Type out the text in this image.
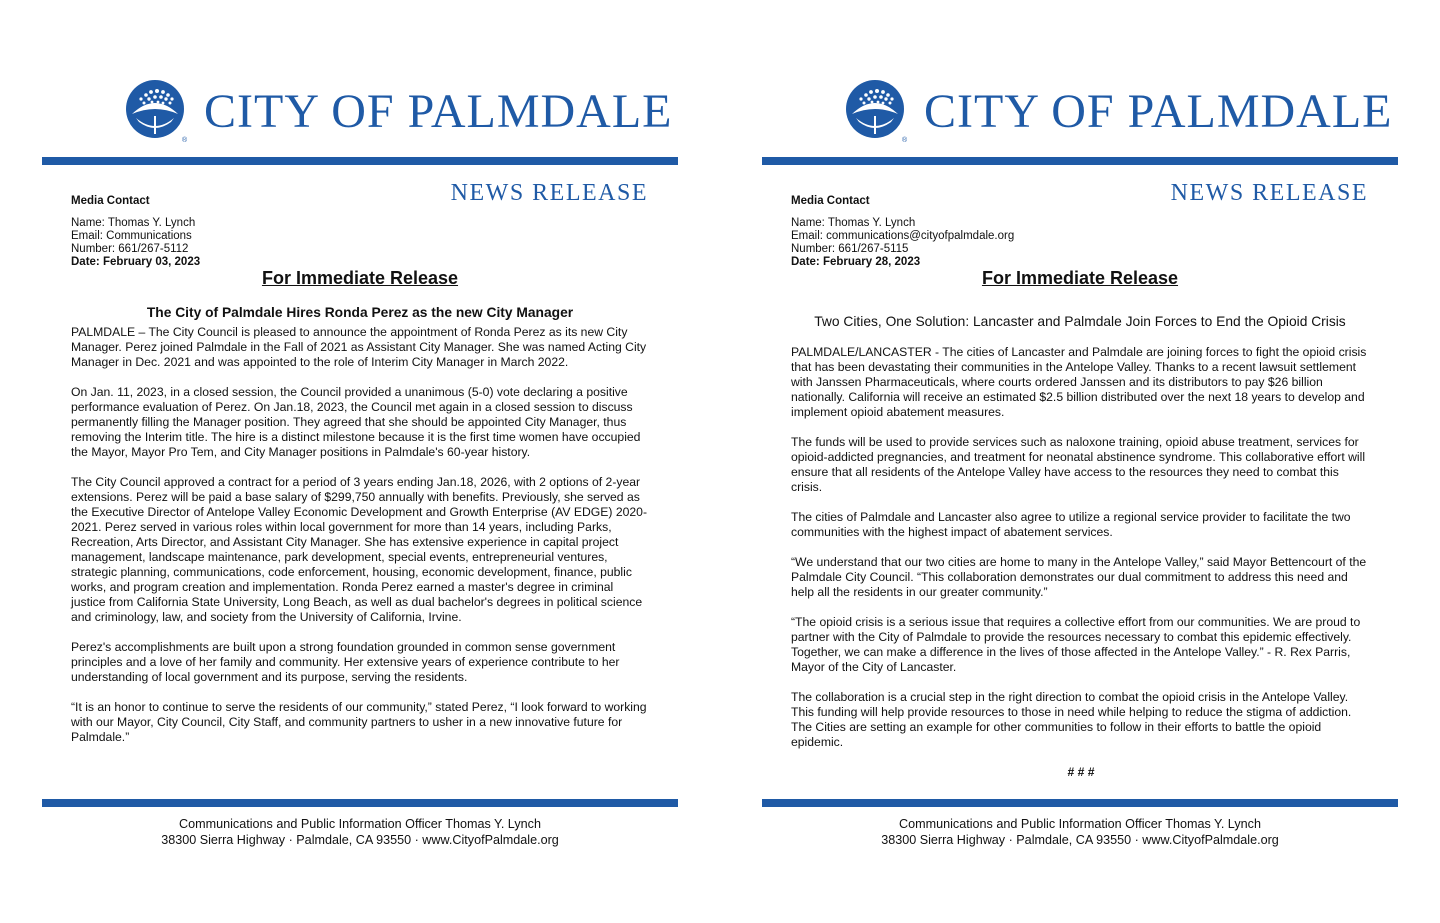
®
CITY OF PALMDALE
NEWS RELEASE
Media Contact
Name: Thomas Y. Lynch
Email: Communications
Number: 661/267-5112
Date: February 03, 2023
For Immediate Release
The City of Palmdale Hires Ronda Perez as the new City Manager

PALMDALE – The City Council is pleased to announce the appointment of Ronda Perez as its new City Manager. Perez joined Palmdale in the Fall of 2021 as Assistant City Manager. She was named Acting City Manager in Dec. 2021 and was appointed to the role of Interim City Manager in March 2022.

On Jan. 11, 2023, in a closed session, the Council provided a unanimous (5-0) vote declaring a positive performance evaluation of Perez. On Jan.18, 2023, the Council met again in a closed session to discuss permanently filling the Manager position. They agreed that she should be appointed City Manager, thus removing the Interim title. The hire is a distinct milestone because it is the first time women have occupied the Mayor, Mayor Pro Tem, and City Manager positions in Palmdale's 60-year history.

The City Council approved a contract for a period of 3 years ending Jan.18, 2026, with 2 options of 2-year extensions. Perez will be paid a base salary of $299,750 annually with benefits. Previously, she served as the Executive Director of Antelope Valley Economic Development and Growth Enterprise (AV EDGE) 2020-2021. Perez served in various roles within local government for more than 14 years, including Parks, Recreation, Arts Director, and Assistant City Manager. She has extensive experience in capital project management, landscape maintenance, park development, special events, entrepreneurial ventures, strategic planning, communications, code enforcement, housing, economic development, finance, public works, and program creation and implementation. Ronda Perez earned a master's degree in criminal justice from California State University, Long Beach, as well as dual bachelor's degrees in political science and criminology, law, and society from the University of California, Irvine.

Perez's accomplishments are built upon a strong foundation grounded in common sense government principles and a love of her family and community. Her extensive years of experience contribute to her understanding of local government and its purpose, serving the residents.

“It is an honor to continue to serve the residents of our community,” stated Perez, “I look forward to working with our Mayor, City Council, City Staff, and community partners to usher in a new innovative future for Palmdale.”

Communications and Public Information Officer Thomas Y. Lynch
38300 Sierra Highway · Palmdale, CA 93550 · www.CityofPalmdale.org
®
CITY OF PALMDALE
NEWS RELEASE
Media Contact
Name: Thomas Y. Lynch
Email: communications@cityofpalmdale.org
Number: 661/267-5115
Date: February 28, 2023
For Immediate Release
Two Cities, One Solution: Lancaster and Palmdale Join Forces to End the Opioid Crisis

PALMDALE/LANCASTER - The cities of Lancaster and Palmdale are joining forces to fight the opioid crisis that has been devastating their communities in the Antelope Valley. Thanks to a recent lawsuit settlement with Janssen Pharmaceuticals, where courts ordered Janssen and its distributors to pay $26 billion nationally. California will receive an estimated $2.5 billion distributed over the next 18 years to develop and implement opioid abatement measures.

The funds will be used to provide services such as naloxone training, opioid abuse treatment, services for opioid-addicted pregnancies, and treatment for neonatal abstinence syndrome. This collaborative effort will ensure that all residents of the Antelope Valley have access to the resources they need to combat this crisis.

The cities of Palmdale and Lancaster also agree to utilize a regional service provider to facilitate the two communities with the highest impact of abatement services.

“We understand that our two cities are home to many in the Antelope Valley,” said Mayor Bettencourt of the Palmdale City Council. “This collaboration demonstrates our dual commitment to address this need and help all the residents in our greater community.”

“The opioid crisis is a serious issue that requires a collective effort from our communities. We are proud to partner with the City of Palmdale to provide the resources necessary to combat this epidemic effectively. Together, we can make a difference in the lives of those affected in the Antelope Valley.” - R. Rex Parris, Mayor of the City of Lancaster.

The collaboration is a crucial step in the right direction to combat the opioid crisis in the Antelope Valley. This funding will help provide resources to those in need while helping to reduce the stigma of addiction. The Cities are setting an example for other communities to follow in their efforts to battle the opioid epidemic.

# # #

Communications and Public Information Officer Thomas Y. Lynch
38300 Sierra Highway · Palmdale, CA 93550 · www.CityofPalmdale.org
